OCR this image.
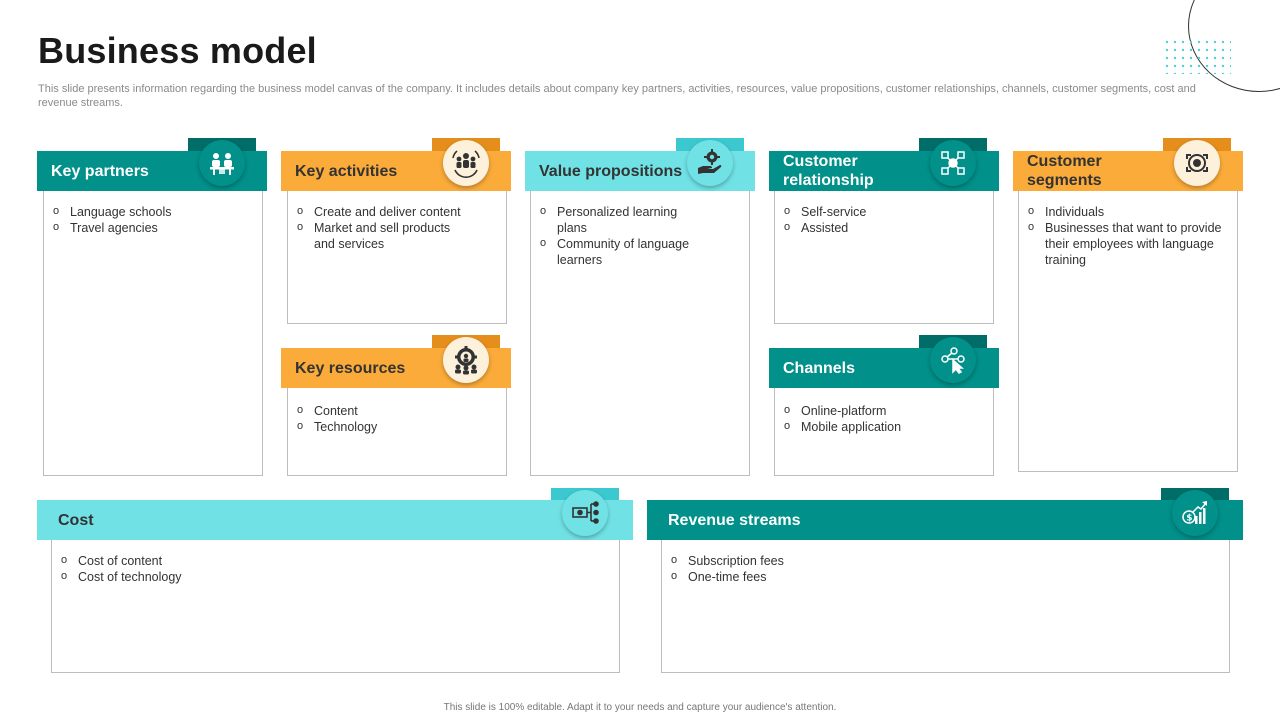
Business model

This slide presents information regarding the business model canvas of the company. It includes details about company key partners, activities, resources, value propositions, customer relationships, channels, customer segments, cost and revenue streams.

o Language schools
o Travel agencies
Key partners
o Create and deliver content
o Market and sell products and services
Key activities
o Content
o Technology
Key resources
o Personalized learning plans
o Community of language learners
Value propositions
o Self-service
o Assisted
Customer relationship
o Online-platform
o Mobile application
Channels
o Individuals
o Businesses that want to provide their employees with language training
Customer segments
o Cost of content
o Cost of technology
Cost
o Subscription fees
o One-time fees
Revenue streams	$
This slide is 100% editable. Adapt it to your needs and capture your audience's attention.
